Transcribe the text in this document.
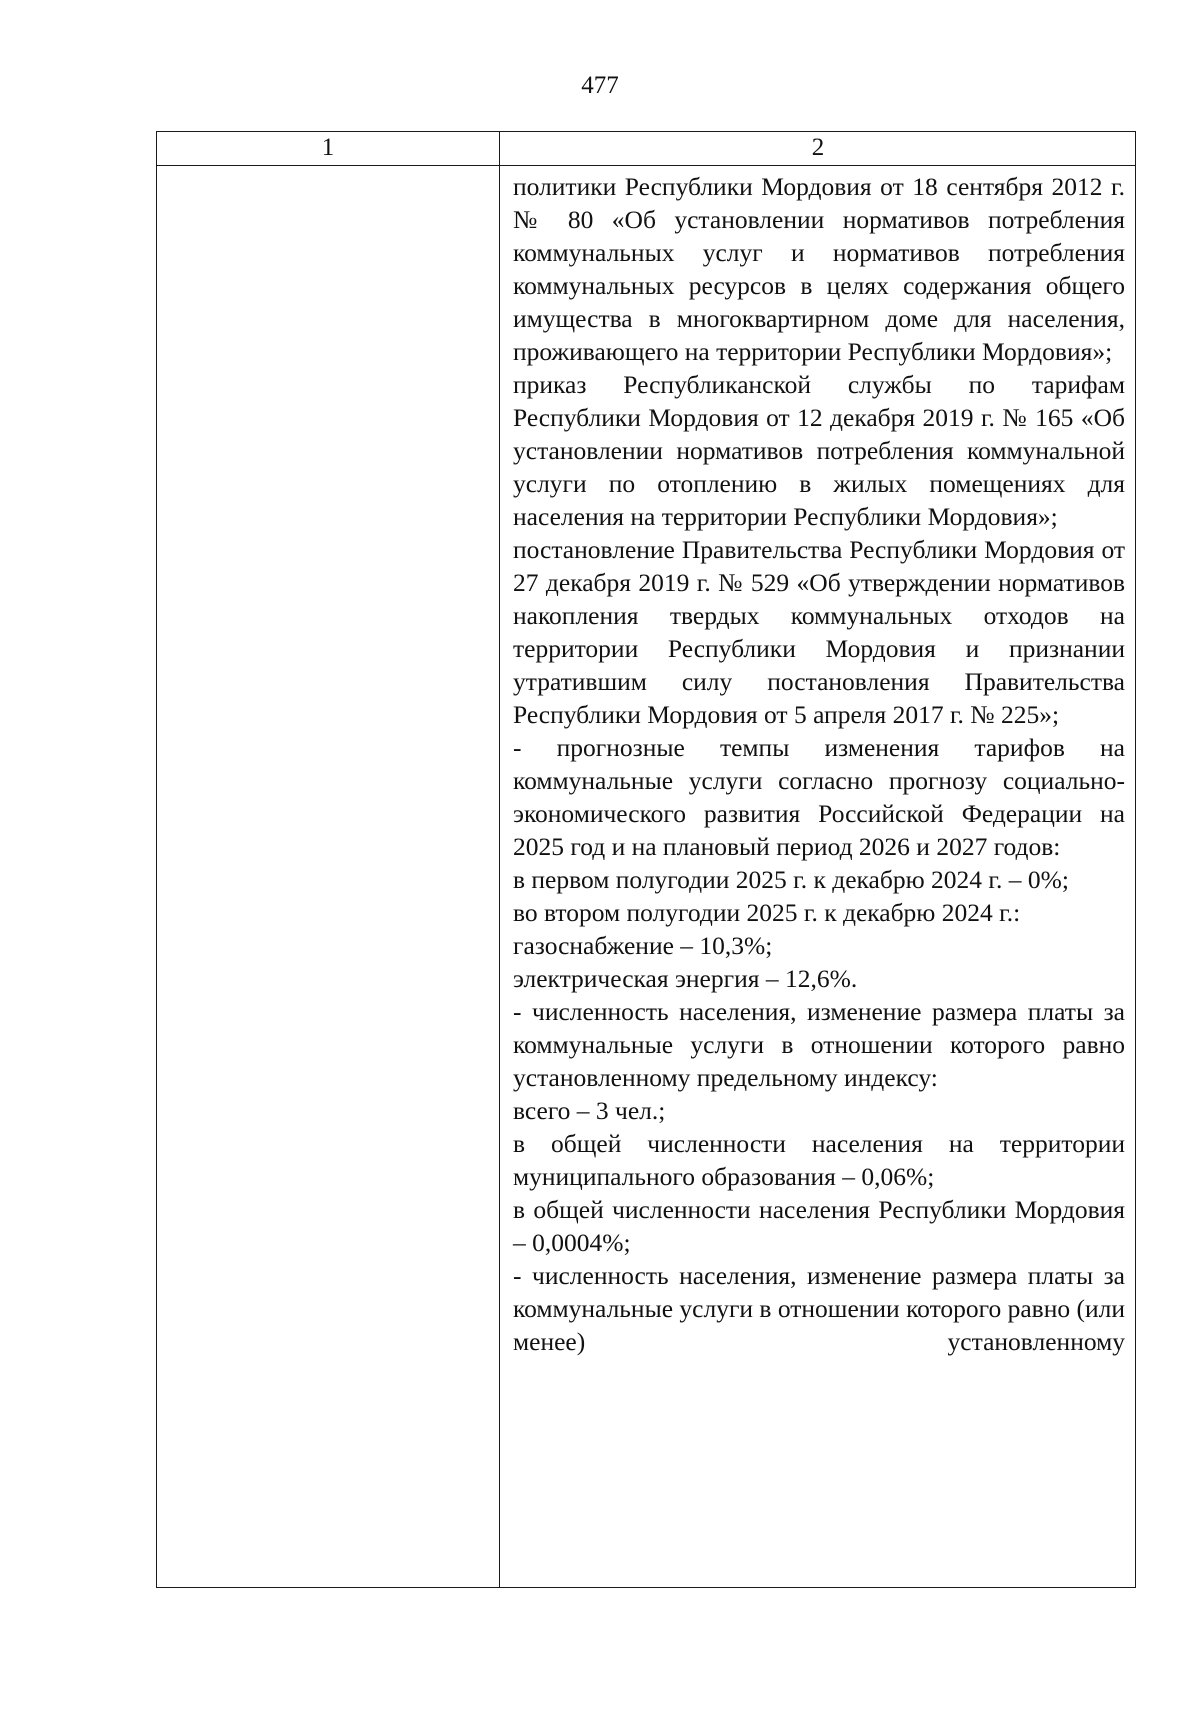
477
1	2

политики Республики Мордовия от 18 сентября 2012 г. № 80 «Об установлении нормативов потребления коммунальных услуг и нормативов потребления коммунальных ресурсов в целях содержания общего имущества в многоквартирном доме для населения, проживающего на территории Республики Мордовия»;

приказ Республиканской службы по тарифам Республики Мордовия от 12 декабря 2019 г. № 165 «Об установлении нормативов потребления коммунальной услуги по отоплению в жилых помещениях для населения на территории Республики Мордовия»;

постановление Правительства Республики Мордовия от 27 декабря 2019 г. № 529 «Об утверждении нормативов накопления твердых коммунальных отходов на территории Республики Мордовия и признании утратившим силу постановления Правительства Республики Мордовия от 5 апреля 2017 г. № 225»;

- прогнозные темпы изменения тарифов на коммунальные услуги согласно прогнозу социально-экономического развития Российской Федерации на 2025 год и на плановый период 2026 и 2027 годов:

в первом полугодии 2025 г. к декабрю 2024 г. – 0%;

во втором полугодии 2025 г. к декабрю 2024 г.:

газоснабжение – 10,3%;

электрическая энергия – 12,6%.

- численность населения, изменение размера платы за коммунальные услуги в отношении которого равно установленному предельному индексу:

всего – 3 чел.;

в общей численности населения на территории муниципального образования – 0,06%;

в общей численности населения Республики Мордовия – 0,0004%;

- численность населения, изменение размера платы за коммунальные услуги в отношении которого равно (или менее) установленному
